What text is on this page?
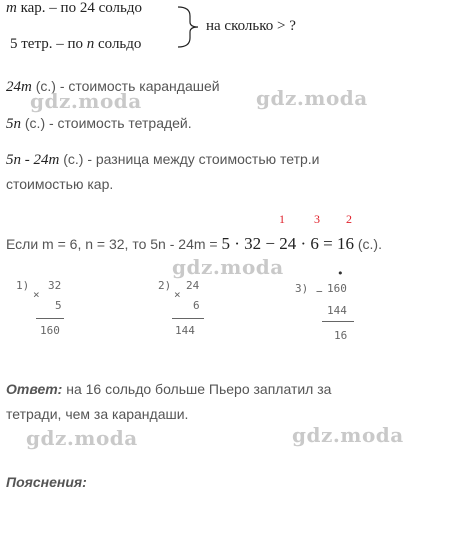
m кар. – по 24 сольдо
5 тетр. – по n сольдо
на сколько > ?
24m (с.) - стоимость карандашей
5n (с.) - стоимость тетрадей.
5n - 24m (с.) - разница между стоимостью тетр.и
стоимостью кар.
1 3 2
Если m = 6, n = 32, то 5n - 24m = 5 · 32 − 24 · 6 = 16 (с.).
1)
×
32
5
160
2)
×
24
6
144
•
3) − 160
144
16
Ответ: на 16 сольдо больше Пьеро заплатил за
тетради, чем за карандаши.
Пояснения:
gdz.moda	gdz.moda
gdz.moda
gdz.moda	gdz.moda
